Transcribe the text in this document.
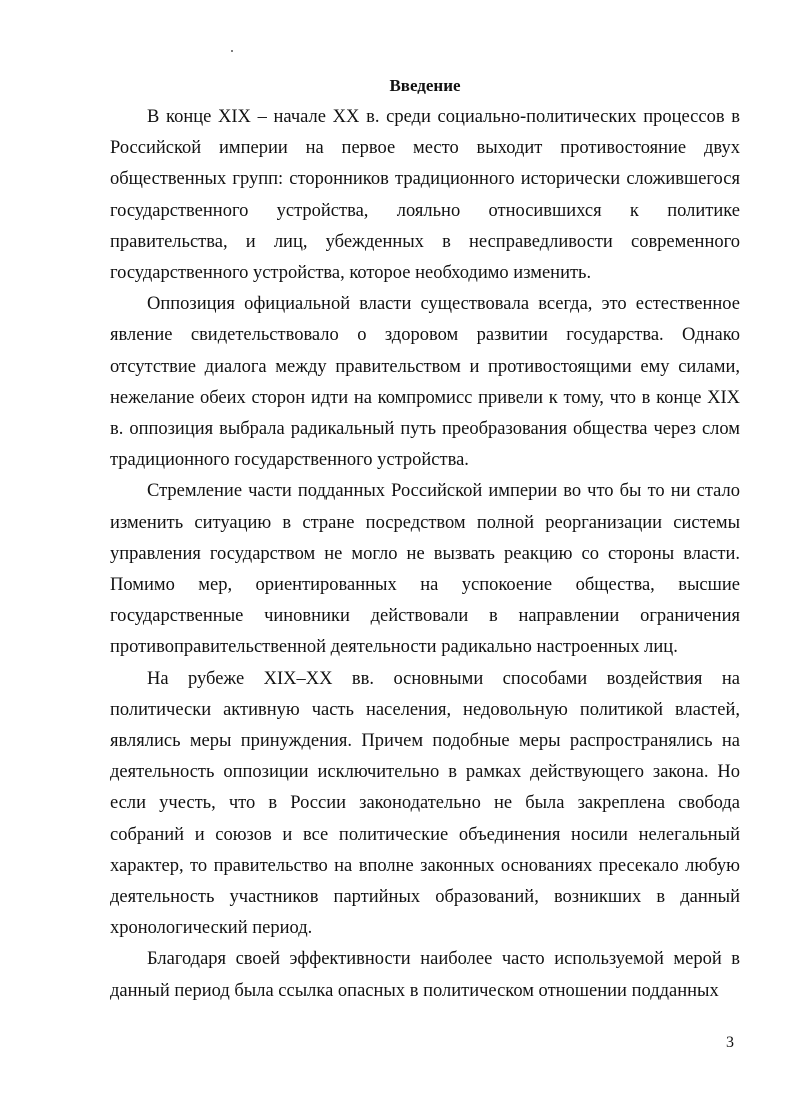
Введение

В конце XIX – начале XX в. среди социально-политических процессов в Российской империи на первое место выходит противостояние двух общественных групп: сторонников традиционного исторически сложившегося государственного устройства, лояльно относившихся к политике правительства, и лиц, убежденных в несправедливости современного государственного устройства, которое необходимо изменить.

Оппозиция официальной власти существовала всегда, это естественное явление свидетельствовало о здоровом развитии государства. Однако отсутствие диалога между правительством и противостоящими ему силами, нежелание обеих сторон идти на компромисс привели к тому, что в конце XIX в. оппозиция выбрала радикальный путь преобразования общества через слом традиционного государственного устройства.

Стремление части подданных Российской империи во что бы то ни стало изменить ситуацию в стране посредством полной реорганизации системы управления государством не могло не вызвать реакцию со стороны власти. Помимо мер, ориентированных на успокоение общества, высшие государственные чиновники действовали в направлении ограничения противоправительственной деятельности радикально настроенных лиц.

На рубеже XIX–XX вв. основными способами воздействия на политически активную часть населения, недовольную политикой властей, являлись меры принуждения. Причем подобные меры распространялись на деятельность оппозиции исключительно в рамках действующего закона. Но если учесть, что в России законодательно не была закреплена свобода собраний и союзов и все политические объединения носили нелегальный характер, то правительство на вполне законных основаниях пресекало любую деятельность участников партийных образований, возникших в данный хронологический период.

Благодаря своей эффективности наиболее часто используемой мерой в данный период была ссылка опасных в политическом отношении подданных

3
